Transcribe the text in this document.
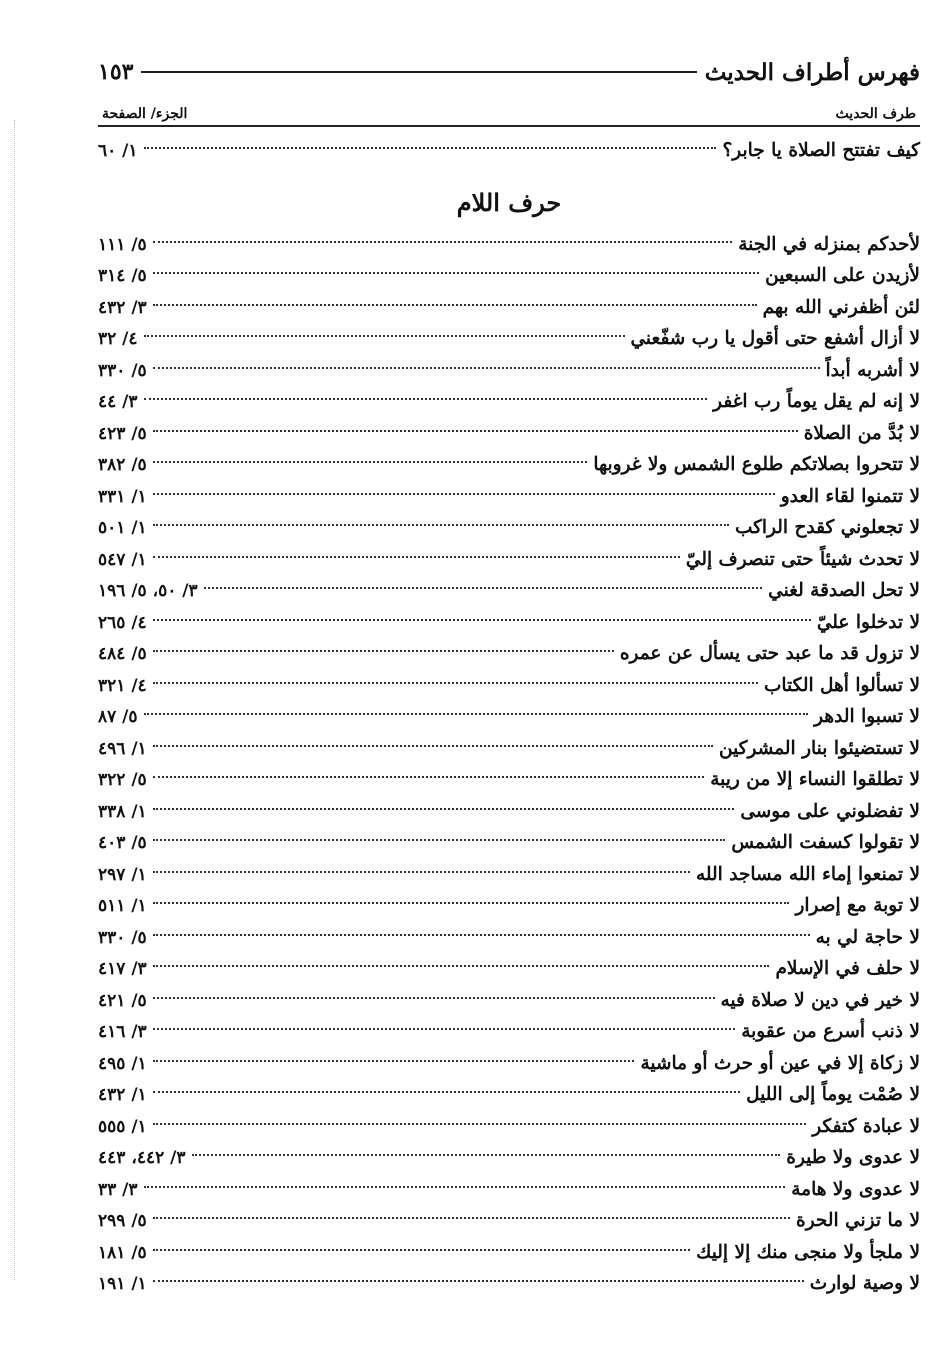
فهرس أطراف الحديث
١٥٣
طرف الحديث
الجزء/ الصفحة
كيف تفتتح الصلاة يا جابر؟
١/ ٦٠
حرف اللام
لأحدكم بمنزله في الجنة
٥/ ١١١
لأزيدن على السبعين
٥/ ٣١٤
لئن أظفرني الله بهم
٣/ ٤٣٢
لا أزال أشفع حتى أقول يا رب شفّعني
٤/ ٣٢
لا أشربه أبداً
٥/ ٣٣٠
لا إنه لم يقل يوماً رب اغفر
٣/ ٤٤
لا بُدَّ من الصلاة
٥/ ٤٢٣
لا تتحروا بصلاتكم طلوع الشمس ولا غروبها
٥/ ٣٨٢
لا تتمنوا لقاء العدو
١/ ٣٣١
لا تجعلوني كقدح الراكب
١/ ٥٠١
لا تحدث شيئاً حتى تنصرف إليّ
١/ ٥٤٧
لا تحل الصدقة لغني
٣/ ٥٠، ٥/ ١٩٦
لا تدخلوا عليّ
٤/ ٢٦٥
لا تزول قد ما عبد حتى يسأل عن عمره
٥/ ٤٨٤
لا تسألوا أهل الكتاب
٤/ ٣٢١
لا تسبوا الدهر
٥/ ٨٧
لا تستضيئوا بنار المشركين
١/ ٤٩٦
لا تطلقوا النساء إلا من ريبة
٥/ ٣٢٢
لا تفضلوني على موسى
١/ ٣٣٨
لا تقولوا كسفت الشمس
٥/ ٤٠٣
لا تمنعوا إماء الله مساجد الله
١/ ٢٩٧
لا توبة مع إصرار
١/ ٥١١
لا حاجة لي به
٥/ ٣٣٠
لا حلف في الإسلام
٣/ ٤١٧
لا خير في دين لا صلاة فيه
٥/ ٤٢١
لا ذنب أسرع من عقوبة
٣/ ٤١٦
لا زكاة إلا في عين أو حرث أو ماشية
١/ ٤٩٥
لا صُمْت يوماً إلى الليل
١/ ٤٣٢
لا عبادة كتفكر
١/ ٥٥٥
لا عدوى ولا طيرة
٣/ ٤٤٢، ٤٤٣
لا عدوى ولا هامة
٣/ ٣٣
لا ما تزني الحرة
٥/ ٢٩٩
لا ملجأ ولا منجى منك إلا إليك
٥/ ١٨١
لا وصية لوارث
١/ ١٩١
